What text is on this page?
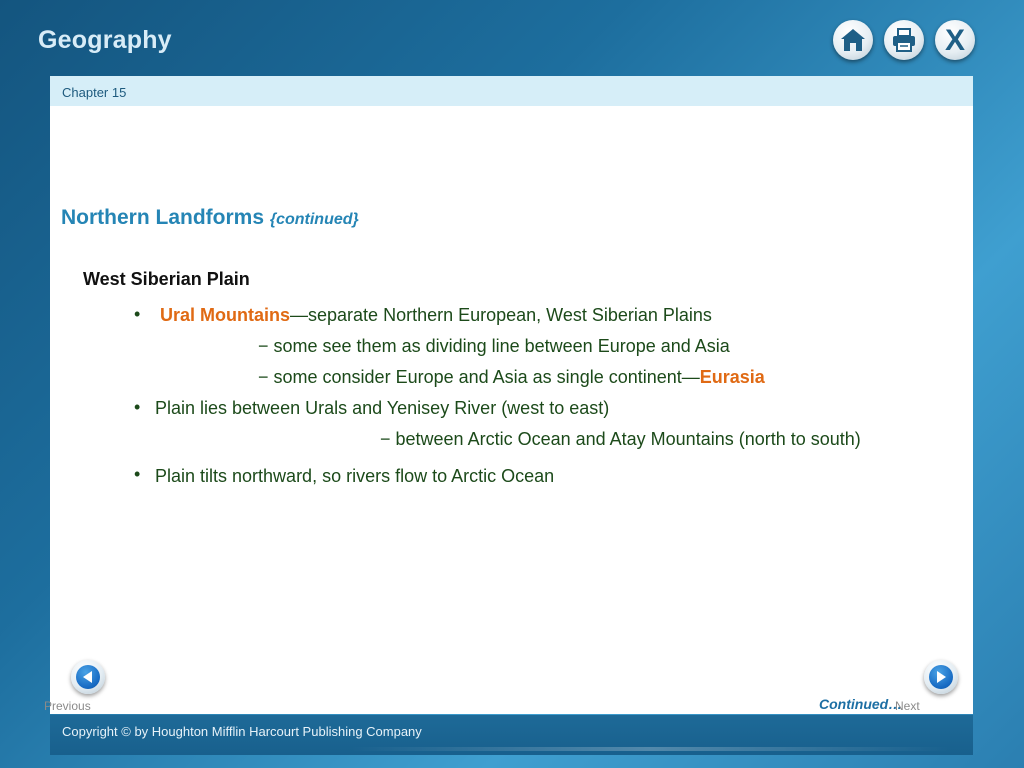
Geography	X
Chapter 15
Northern Landforms {continued}
West Siberian Plain
• Ural Mountains—separate Northern European, West Siberian Plains
− some see them as dividing line between Europe and Asia
− some consider Europe and Asia as single continent—Eurasia
• Plain lies between Urals and Yenisey River (west to east)
− between Arctic Ocean and Atay Mountains (north to south)
• Plain tilts northward, so rivers flow to Arctic Ocean
Continued…
Previous	Next
Copyright © by Houghton Mifflin Harcourt Publishing Company
